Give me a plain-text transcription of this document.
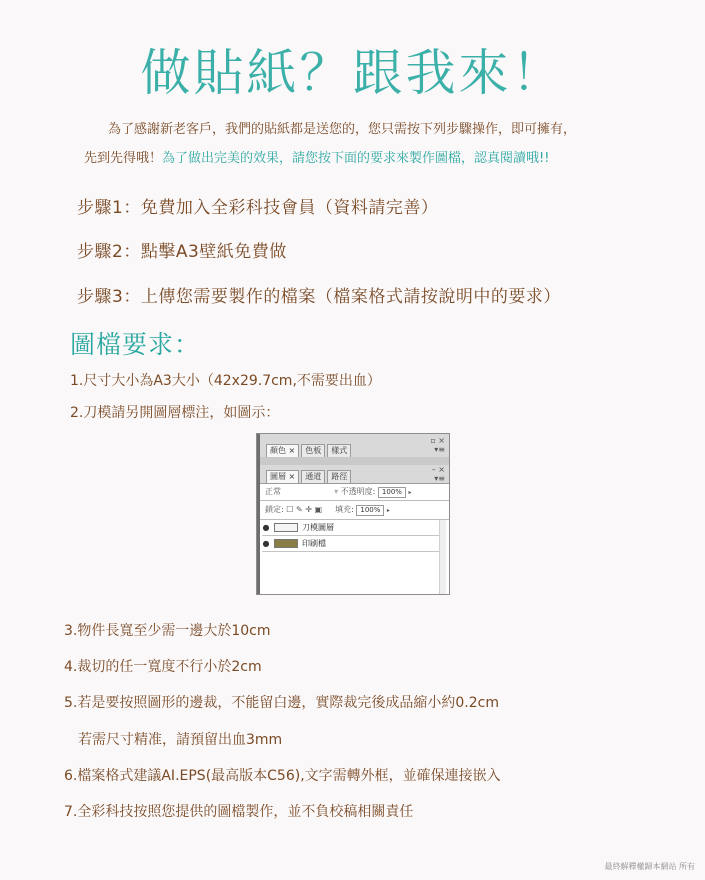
做貼紙？跟我來！
為了感謝新老客戶，我們的貼紙都是送您的，您只需按下列步驟操作，即可擁有，
先到先得哦！為了做出完美的效果，請您按下面的要求來製作圖檔，認真閱讀哦!!
步驟1：免費加入全彩科技會員（資料請完善）
步驟2：點擊A3壁紙免費做
步驟3：上傳您需要製作的檔案（檔案格式請按說明中的要求）
圖檔要求：
1.尺寸大小為A3大小（42x29.7cm,不需要出血）
2.刀模請另開圖層標注，如圖示：
▫ ×
▾≡
顏色 ×	色板	樣式
– ×
▾≡
圖層 ×	通道	路徑
正常	▾ 不透明度: 100% ▸
鎖定: ☐ ✎ ✛ ▣ 填充: 100% ▸
●	刀模圖層
●	印刷檔
3.物件長寬至少需一邊大於10cm
4.裁切的任一寬度不行小於2cm
5.若是要按照圖形的邊裁，不能留白邊，實際裁完後成品縮小約0.2cm
若需尺寸精准，請預留出血3mm
6.檔案格式建議AI.EPS(最高版本C56),文字需轉外框，並確保連接嵌入
7.全彩科技按照您提供的圖檔製作，並不負校稿相關責任
最終解釋權歸本網站 所有
